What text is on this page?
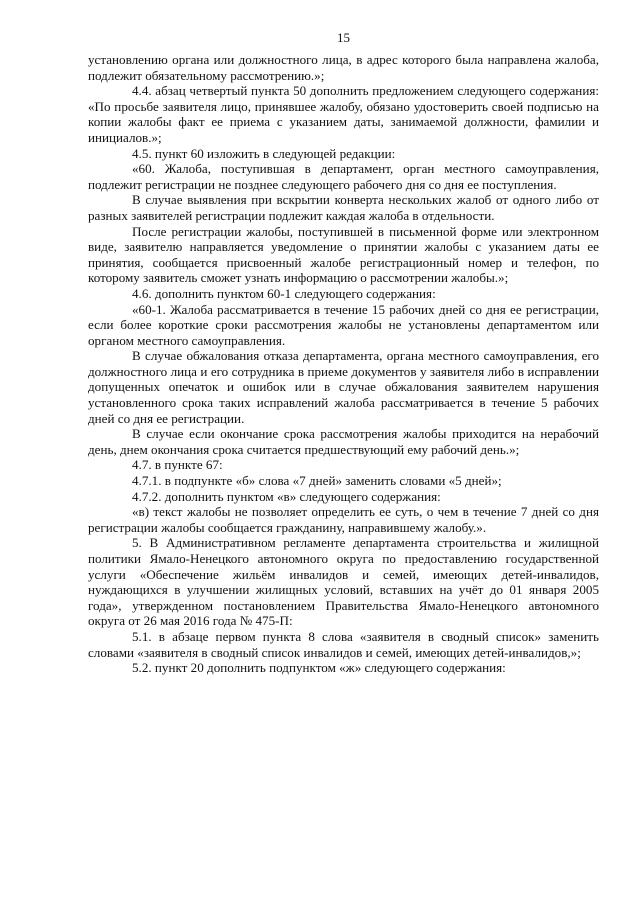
15

установлению органа или должностного лица, в адрес которого была направлена жалоба, подлежит обязательному рассмотрению.»;

4.4. абзац четвертый пункта 50 дополнить предложением следующего содержания: «По просьбе заявителя лицо, принявшее жалобу, обязано удостоверить своей подписью на копии жалобы факт ее приема с указанием даты, занимаемой должности, фамилии и инициалов.»;

4.5. пункт 60 изложить в следующей редакции:

«60. Жалоба, поступившая в департамент, орган местного самоуправления, подлежит регистрации не позднее следующего рабочего дня со дня ее поступления.

В случае выявления при вскрытии конверта нескольких жалоб от одного либо от разных заявителей регистрации подлежит каждая жалоба в отдельности.

После регистрации жалобы, поступившей в письменной форме или электронном виде, заявителю направляется уведомление о принятии жалобы с указанием даты ее принятия, сообщается присвоенный жалобе регистрационный номер и телефон, по которому заявитель сможет узнать информацию о рассмотрении жалобы.»;

4.6. дополнить пунктом 60-1 следующего содержания:

«60-1. Жалоба рассматривается в течение 15 рабочих дней со дня ее регистрации, если более короткие сроки рассмотрения жалобы не установлены департаментом или органом местного самоуправления.

В случае обжалования отказа департамента, органа местного самоуправления, его должностного лица и его сотрудника в приеме документов у заявителя либо в исправлении допущенных опечаток и ошибок или в случае обжалования заявителем нарушения установленного срока таких исправлений жалоба рассматривается в течение 5 рабочих дней со дня ее регистрации.

В случае если окончание срока рассмотрения жалобы приходится на нерабочий день, днем окончания срока считается предшествующий ему рабочий день.»;

4.7. в пункте 67:

4.7.1. в подпункте «б» слова «7 дней» заменить словами «5 дней»;

4.7.2. дополнить пунктом «в» следующего содержания:

«в) текст жалобы не позволяет определить ее суть, о чем в течение 7 дней со дня регистрации жалобы сообщается гражданину, направившему жалобу.».

5. В Административном регламенте департамента строительства и жилищной политики Ямало-Ненецкого автономного округа по предоставлению государственной услуги «Обеспечение жильём инвалидов и семей, имеющих детей-инвалидов, нуждающихся в улучшении жилищных условий, вставших на учёт до 01 января 2005 года», утвержденном постановлением Правительства Ямало-Ненецкого автономного округа от 26 мая 2016 года № 475-П:

5.1. в абзаце первом пункта 8 слова «заявителя в сводный список» заменить словами «заявителя в сводный список инвалидов и семей, имеющих детей-инвалидов,»;

5.2. пункт 20 дополнить подпунктом «ж» следующего содержания:
